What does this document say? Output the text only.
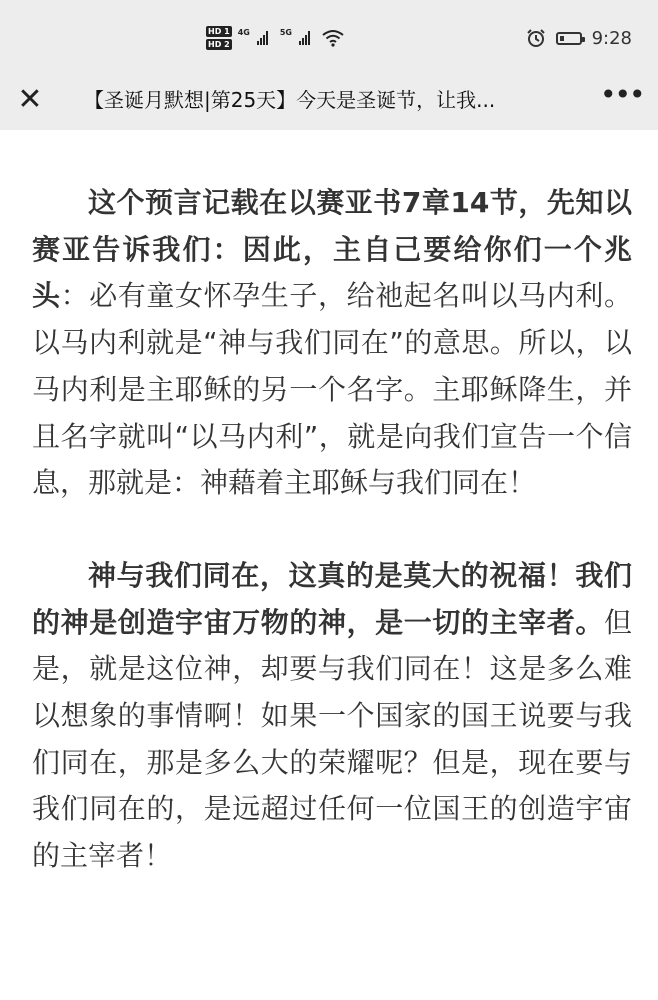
HD 1
HD 2
4G	5G	9:28
✕ 【圣诞月默想|第25天】今天是圣诞节，让我...	•••

这个预言记载在以赛亚书7章14节，先知以赛亚告诉我们：因此，主自己要给你们一个兆头：必有童女怀孕生子，给祂起名叫以马内利。以马内利就是“神与我们同在”的意思。所以，以马内利是主耶稣的另一个名字。主耶稣降生，并且名字就叫“以马内利”，就是向我们宣告一个信息，那就是：神藉着主耶稣与我们同在！

神与我们同在，这真的是莫大的祝福！我们的神是创造宇宙万物的神，是一切的主宰者。但是，就是这位神，却要与我们同在！这是多么难以想象的事情啊！如果一个国家的国王说要与我们同在，那是多么大的荣耀呢？但是，现在要与我们同在的，是远超过任何一位国王的创造宇宙的主宰者！
